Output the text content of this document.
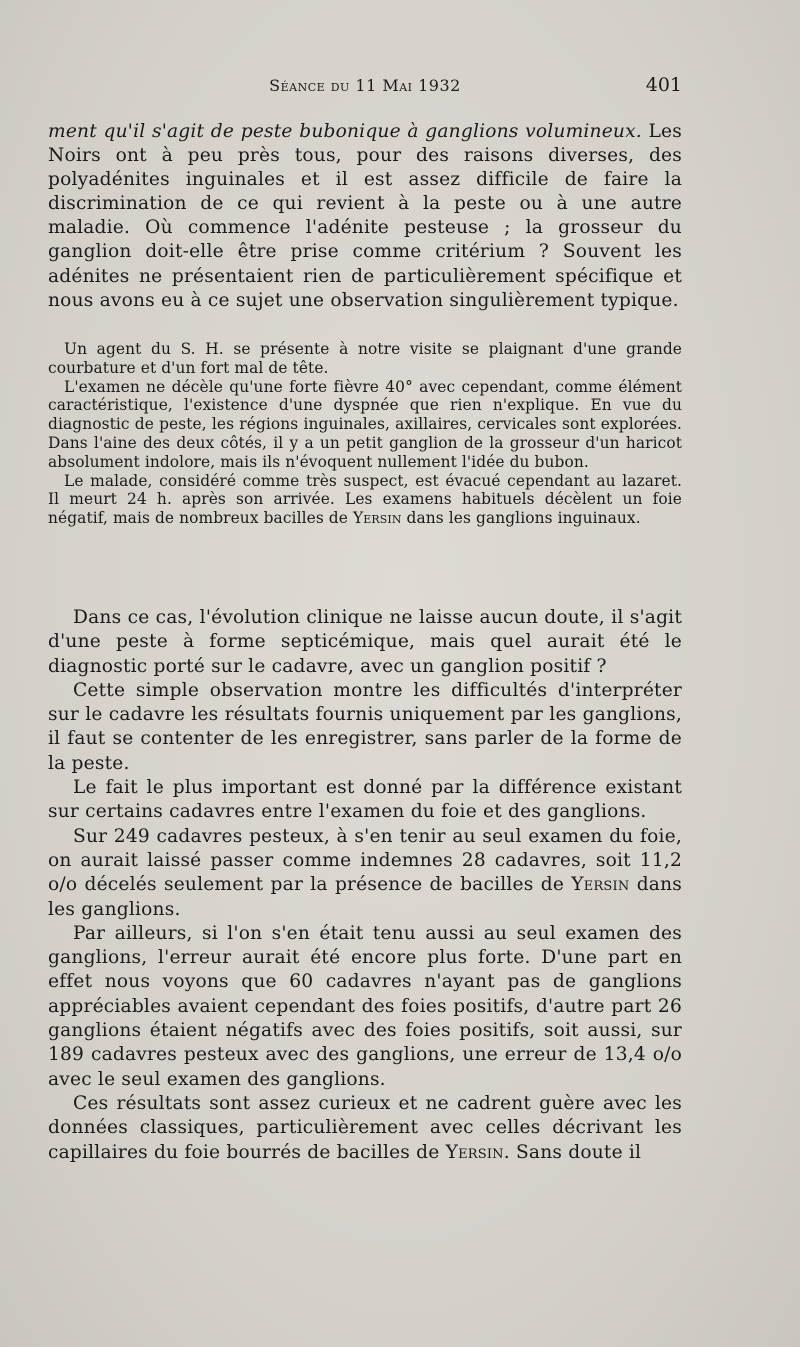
Séance du 11 Mai 1932	401

ment qu'il s'agit de peste bubonique à ganglions volumineux. Les Noirs ont à peu près tous, pour des raisons diverses, des polyadénites inguinales et il est assez difficile de faire la discrimination de ce qui revient à la peste ou à une autre maladie. Où commence l'adénite pesteuse ; la grosseur du ganglion doit-elle être prise comme critérium ? Souvent les adénites ne présentaient rien de particulièrement spécifique et nous avons eu à ce sujet une observation singulièrement typique.

Un agent du S. H. se présente à notre visite se plaignant d'une grande courbature et d'un fort mal de tête.

L'examen ne décèle qu'une forte fièvre 40° avec cependant, comme élément caractéristique, l'existence d'une dyspnée que rien n'explique. En vue du diagnostic de peste, les régions inguinales, axillaires, cervicales sont explorées. Dans l'aine des deux côtés, il y a un petit ganglion de la grosseur d'un haricot absolument indolore, mais ils n'évoquent nullement l'idée du bubon.

Le malade, considéré comme très suspect, est évacué cependant au lazaret. Il meurt 24 h. après son arrivée. Les examens habituels décèlent un foie négatif, mais de nombreux bacilles de Yersin dans les ganglions inguinaux.

Dans ce cas, l'évolution clinique ne laisse aucun doute, il s'agit d'une peste à forme septicémique, mais quel aurait été le diagnostic porté sur le cadavre, avec un ganglion positif ?

Cette simple observation montre les difficultés d'interpréter sur le cadavre les résultats fournis uniquement par les ganglions, il faut se contenter de les enregistrer, sans parler de la forme de la peste.

Le fait le plus important est donné par la différence existant sur certains cadavres entre l'examen du foie et des ganglions.

Sur 249 cadavres pesteux, à s'en tenir au seul examen du foie, on aurait laissé passer comme indemnes 28 cadavres, soit 11,2 o/o décelés seulement par la présence de bacilles de Yersin dans les ganglions.

Par ailleurs, si l'on s'en était tenu aussi au seul examen des ganglions, l'erreur aurait été encore plus forte. D'une part en effet nous voyons que 60 cadavres n'ayant pas de ganglions appréciables avaient cependant des foies positifs, d'autre part 26 ganglions étaient négatifs avec des foies positifs, soit aussi, sur 189 cadavres pesteux avec des ganglions, une erreur de 13,4 o/o avec le seul examen des ganglions.

Ces résultats sont assez curieux et ne cadrent guère avec les données classiques, particulièrement avec celles décrivant les capillaires du foie bourrés de bacilles de Yersin. Sans doute il
